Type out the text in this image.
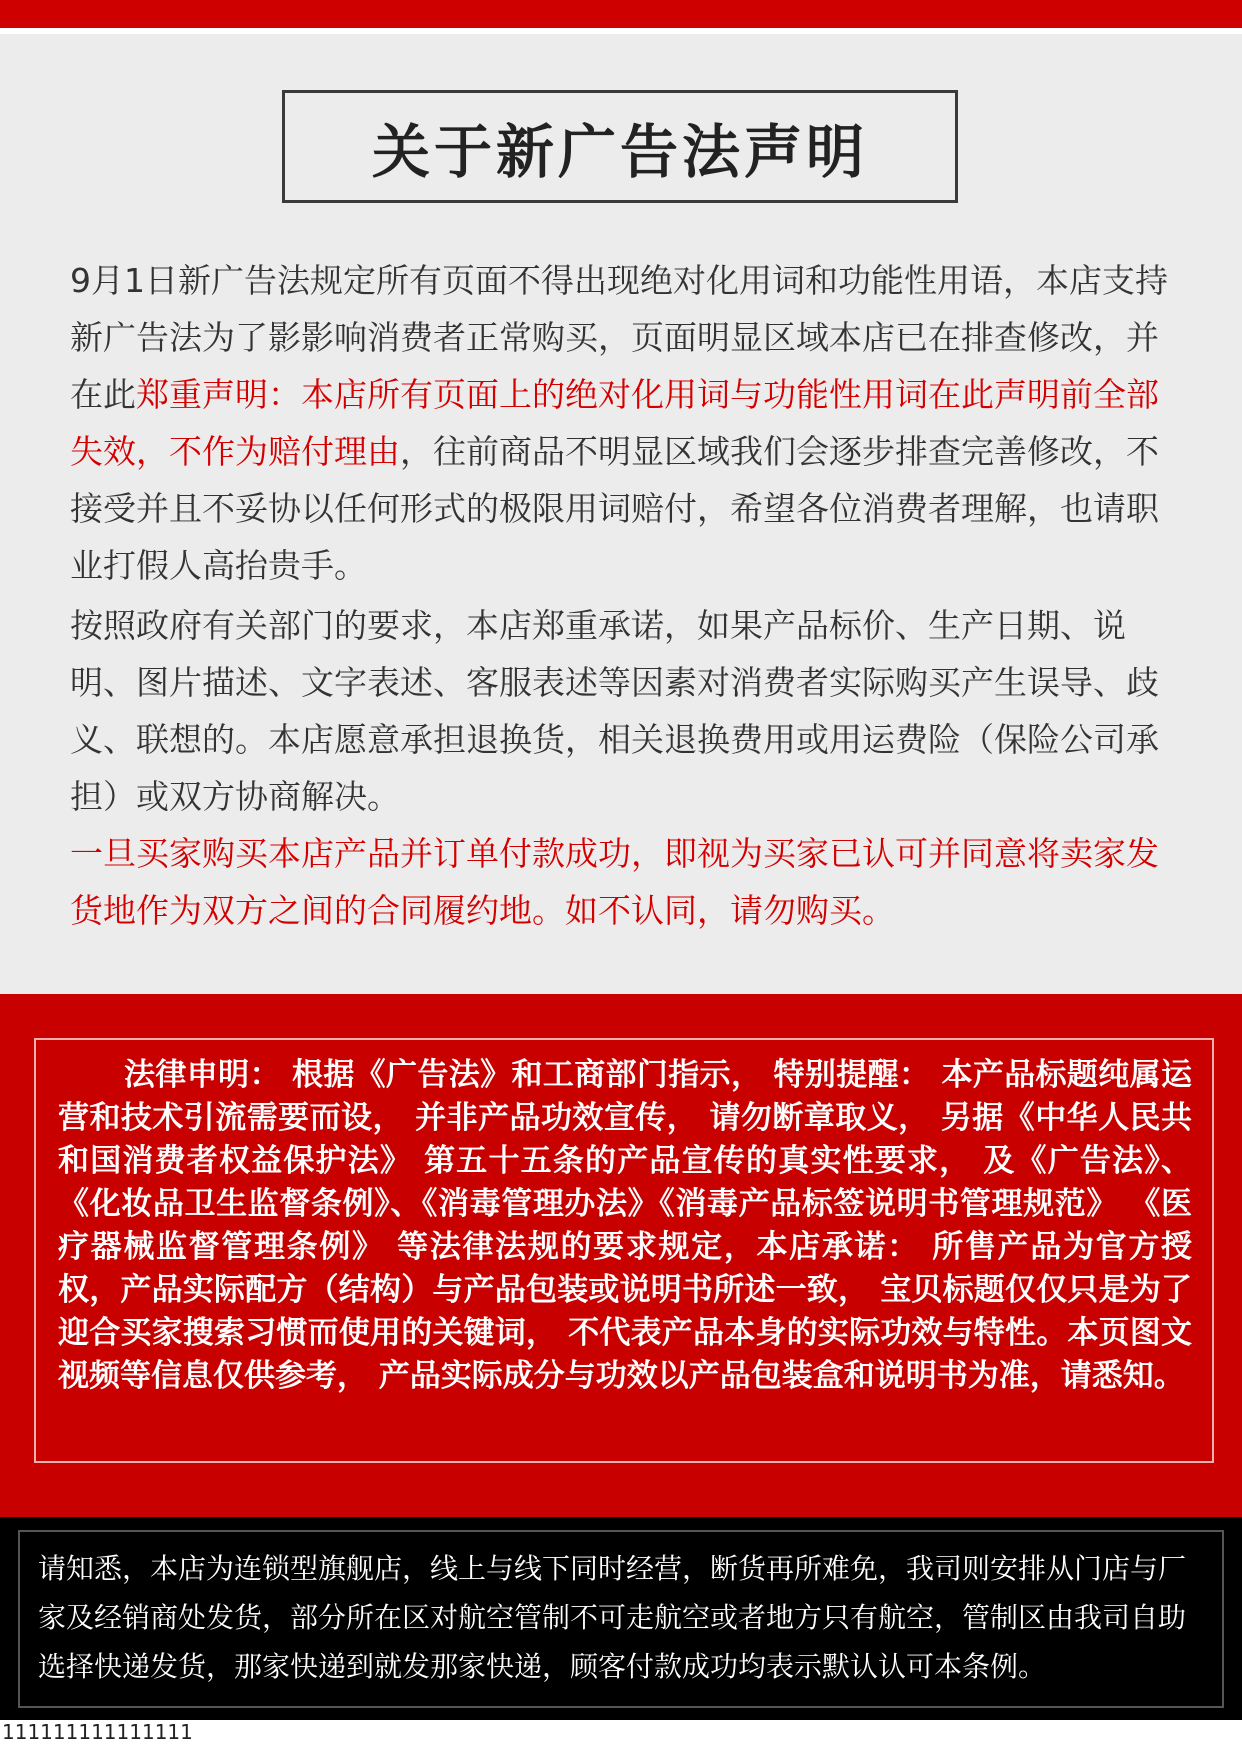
关于新广告法声明

9月1日新广告法规定所有页面不得出现绝对化用词和功能性用语，本店支持新广告法为了影影响消费者正常购买，页面明显区域本店已在排查修改，并在此郑重声明：本店所有页面上的绝对化用词与功能性用词在此声明前全部失效，不作为赔付理由，往前商品不明显区域我们会逐步排查完善修改，不接受并且不妥协以任何形式的极限用词赔付，希望各位消费者理解，也请职业打假人高抬贵手。

按照政府有关部门的要求，本店郑重承诺，如果产品标价、生产日期、说明、图片描述、文字表述、客服表述等因素对消费者实际购买产生误导、歧义、联想的。本店愿意承担退换货，相关退换费用或用运费险（保险公司承担）或双方协商解决。

一旦买家购买本店产品并订单付款成功，即视为买家已认可并同意将卖家发货地作为双方之间的合同履约地。如不认同，请勿购买。

法律申明： 根据《广告法》和工商部门指示， 特别提醒： 本产品标题纯属运营和技术引流需要而设， 并非产品功效宣传， 请勿断章取义， 另据《中华人民共和国消费者权益保护法》 第五十五条的产品宣传的真实性要求， 及《广告法》、《化妆品卫生监督条例》、《消毒管理办法》《消毒产品标签说明书管理规范》 《医疗器械监督管理条例》 等法律法规的要求规定，本店承诺： 所售产品为官方授权，产品实际配方（结构）与产品包装或说明书所述一致， 宝贝标题仅仅只是为了迎合买家搜索习惯而使用的关键词， 不代表产品本身的实际功效与特性。本页图文视频等信息仅供参考， 产品实际成分与功效以产品包装盒和说明书为准，请悉知。

请知悉，本店为连锁型旗舰店，线上与线下同时经营，断货再所难免，我司则安排从门店与厂家及经销商处发货，部分所在区对航空管制不可走航空或者地方只有航空，管制区由我司自助选择快递发货，那家快递到就发那家快递，顾客付款成功均表示默认认可本条例。

111111111111111
